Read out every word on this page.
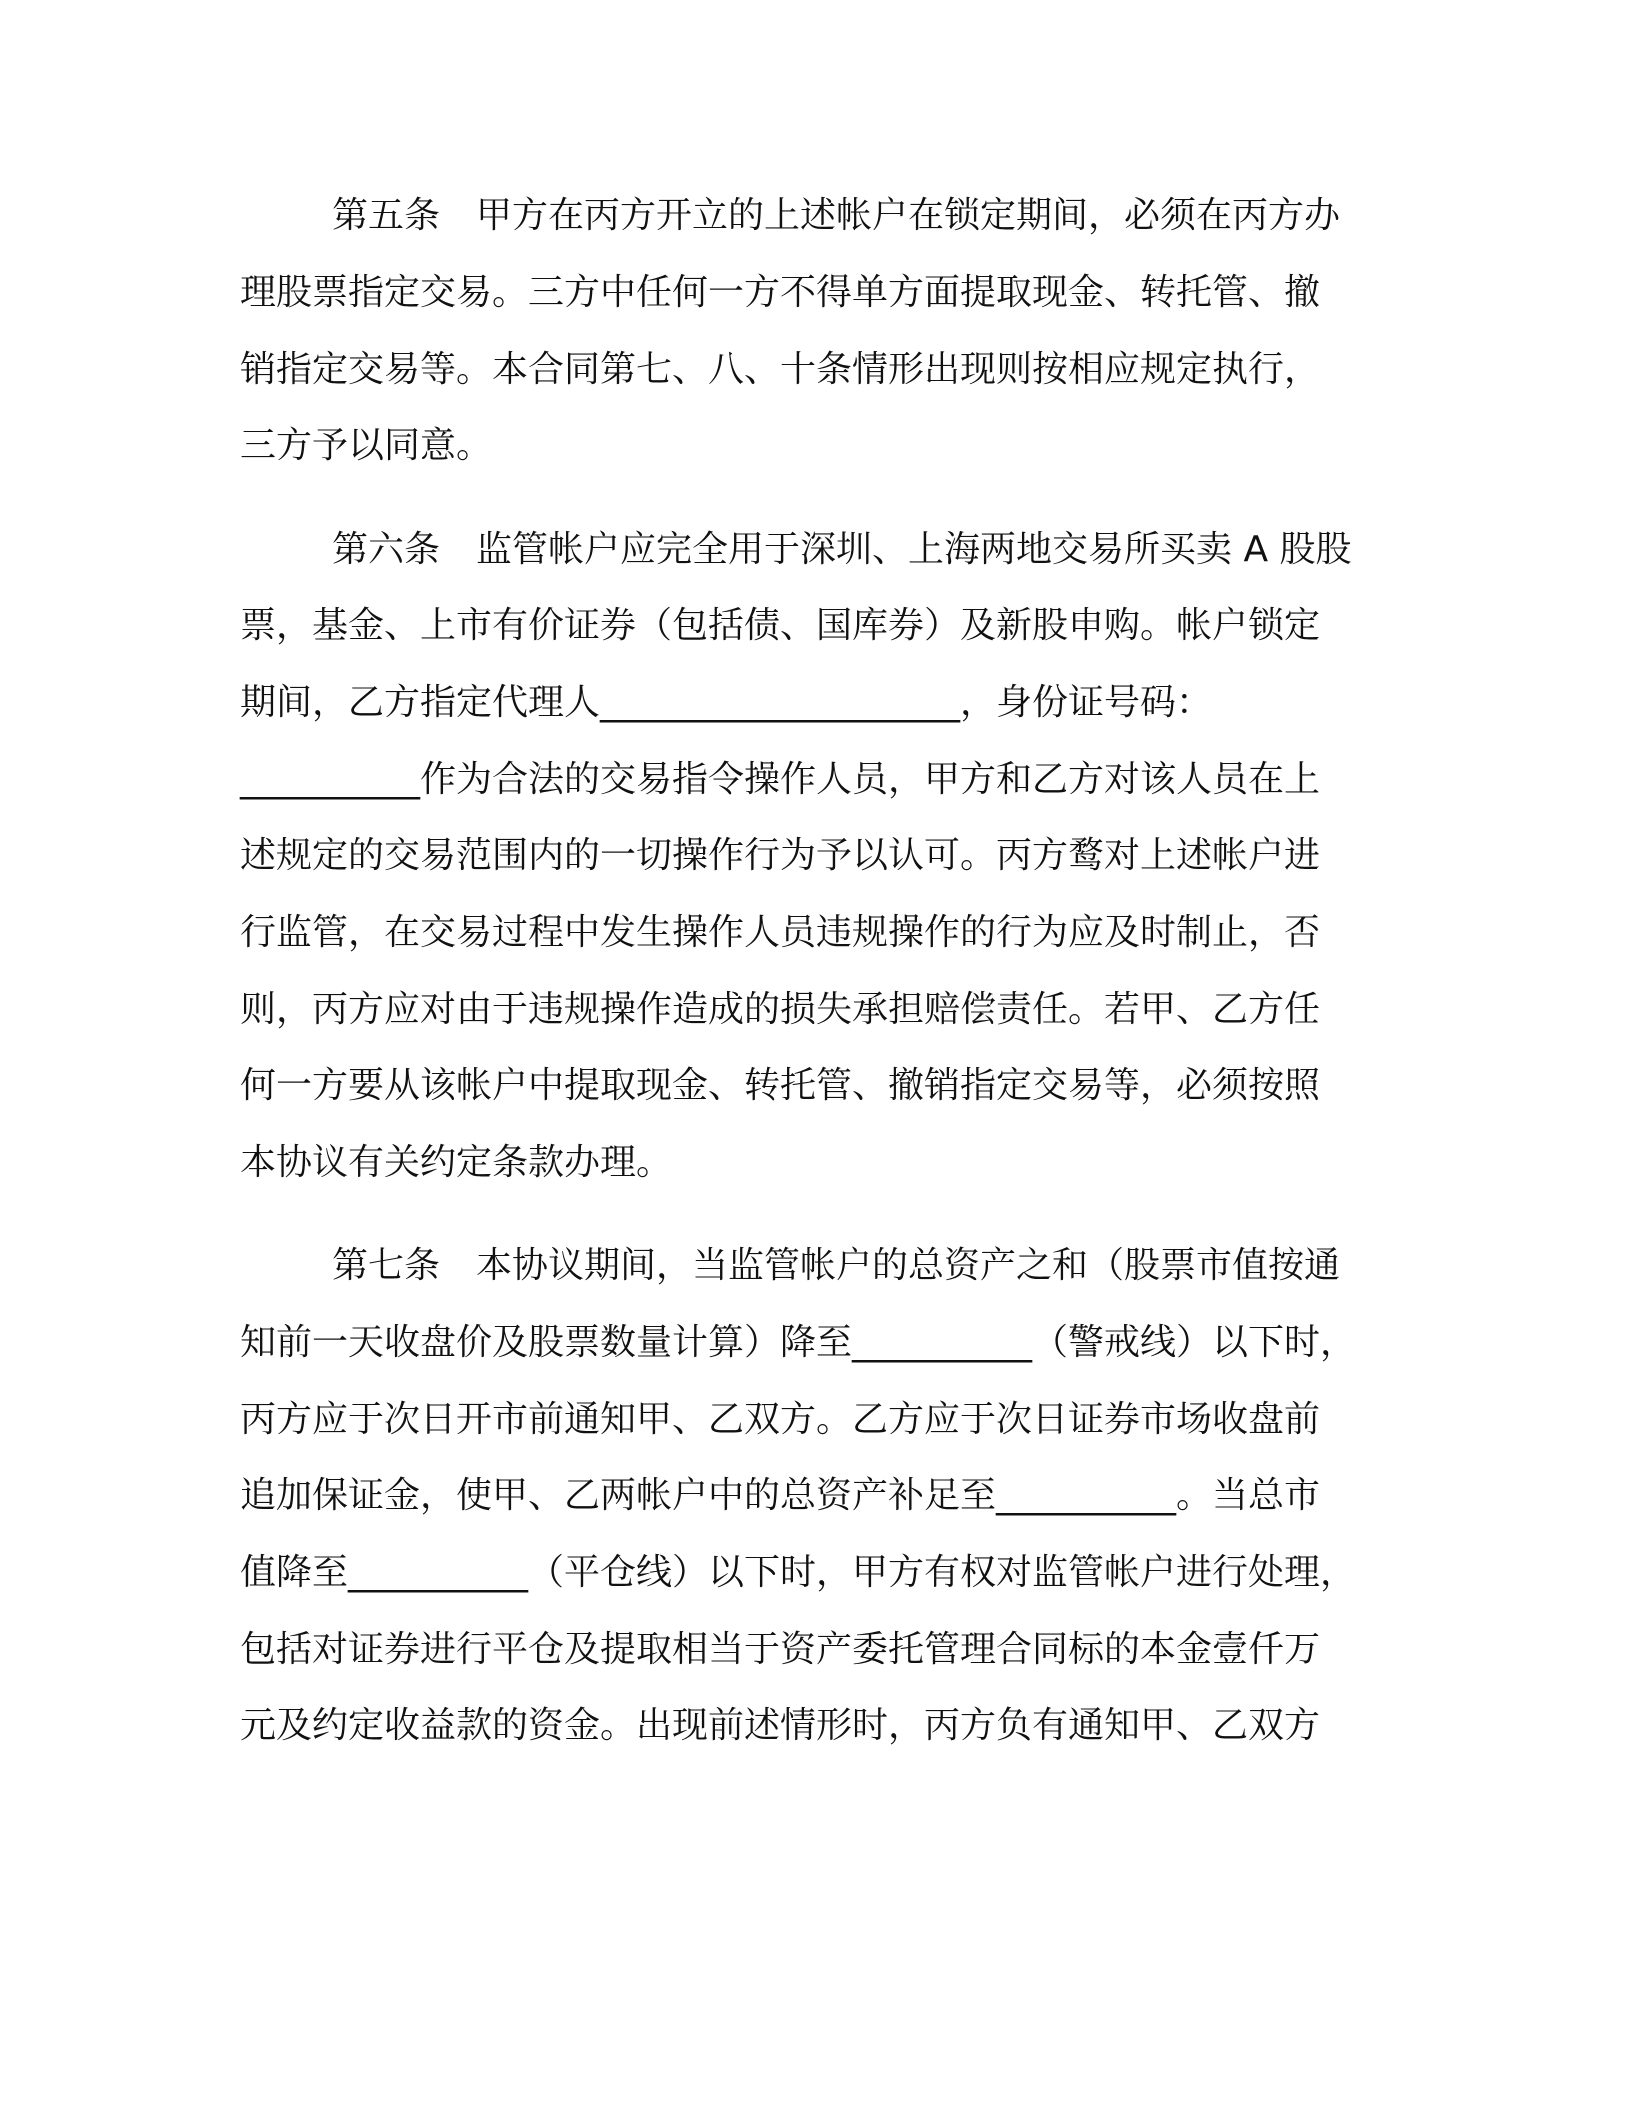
第五条　甲方在丙方开立的上述帐户在锁定期间，必须在丙方办
理股票指定交易。三方中任何一方不得单方面提取现金、转托管、撤
销指定交易等。本合同第七、八、十条情形出现则按相应规定执行，
三方予以同意。
第六条　监管帐户应完全用于深圳、上海两地交易所买卖 A 股股
票，基金、上市有价证券（包括债、国库券）及新股申购。帐户锁定
期间，乙方指定代理人____________________，身份证号码：
__________作为合法的交易指令操作人员，甲方和乙方对该人员在上
述规定的交易范围内的一切操作行为予以认可。丙方鹜对上述帐户进
行监管，在交易过程中发生操作人员违规操作的行为应及时制止，否
则，丙方应对由于违规操作造成的损失承担赔偿责任。若甲、乙方任
何一方要从该帐户中提取现金、转托管、撤销指定交易等，必须按照
本协议有关约定条款办理。
第七条　本协议期间，当监管帐户的总资产之和（股票市值按通
知前一天收盘价及股票数量计算）降至__________（警戒线）以下时，
丙方应于次日开市前通知甲、乙双方。乙方应于次日证券市场收盘前
追加保证金，使甲、乙两帐户中的总资产补足至__________。当总市
值降至__________（平仓线）以下时，甲方有权对监管帐户进行处理，
包括对证券进行平仓及提取相当于资产委托管理合同标的本金壹仟万
元及约定收益款的资金。出现前述情形时，丙方负有通知甲、乙双方
